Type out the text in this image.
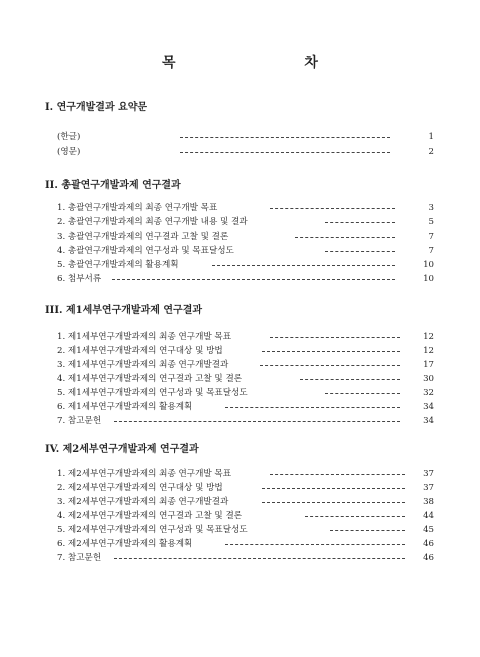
목 차
I. 연구개발결과 요약문
(한글)	1
(영문)	2
II. 총괄연구개발과제 연구결과
1. 총괄연구개발과제의 최종 연구개발 목표	3
2. 총괄연구개발과제의 최종 연구개발 내용 및 결과	5
3. 총괄연구개발과제의 연구결과 고찰 및 결론	7
4. 총괄연구개발과제의 연구성과 및 목표달성도	7
5. 총괄연구개발과제의 활용계획	10
6. 첨부서류	10
III. 제1세부연구개발과제 연구결과
1. 제1세부연구개발과제의 최종 연구개발 목표	12
2. 제1세부연구개발과제의 연구대상 및 방법	12
3. 제1세부연구개발과제의 최종 연구개발결과	17
4. 제1세부연구개발과제의 연구결과 고찰 및 결론	30
5. 제1세부연구개발과제의 연구성과 및 목표달성도	32
6. 제1세부연구개발과제의 활용계획	34
7. 참고문헌	34
IV. 제2세부연구개발과제 연구결과
1. 제2세부연구개발과제의 최종 연구개발 목표	37
2. 제2세부연구개발과제의 연구대상 및 방법	37
3. 제2세부연구개발과제의 최종 연구개발결과	38
4. 제2세부연구개발과제의 연구결과 고찰 및 결론	44
5. 제2세부연구개발과제의 연구성과 및 목표달성도	45
6. 제2세부연구개발과제의 활용계획	46
7. 참고문헌	46
